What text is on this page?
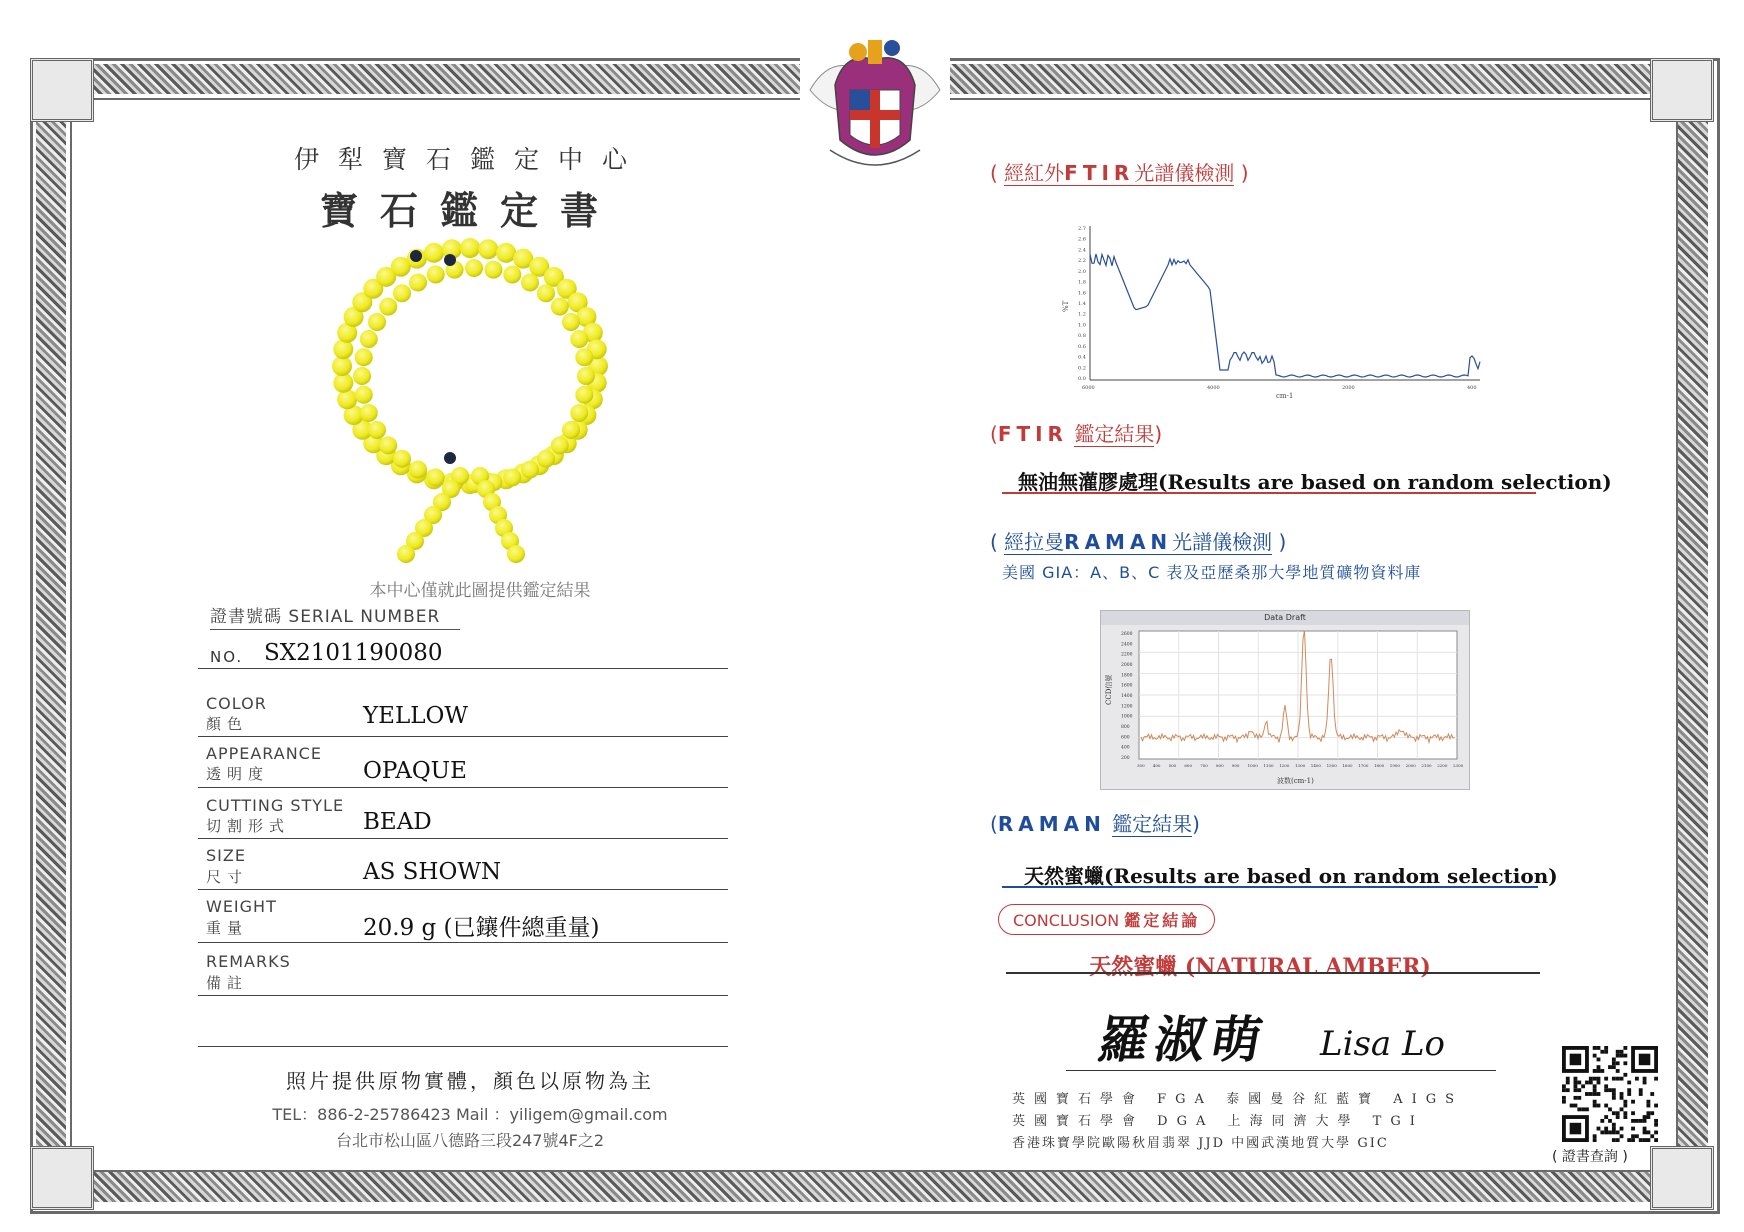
伊犁寶石鑑定中心
寶石鑑定書
本中心僅就此圖提供鑑定結果
證書號碼 SERIAL NUMBER
NO. SX2101190080
COLOR
顏色	YELLOW
APPEARANCE
透明度	OPAQUE
CUTTING STYLE
切割形式	BEAD
SIZE
尺寸	AS SHOWN
WEIGHT
重量	20.9 g (已鑲件總重量)
REMARKS
備註
照片提供原物實體，顏色以原物為主
TEL：886-2-25786423 Mail ：yiligem@gmail.com
台北市松山區八德路三段247號4F之2
( 經紅外FTIR光譜儀檢測 )
2.7
2.6
2.4
2.2
2.0
1.8
1.6
1.4
1.2
1.0
0.8
0.6
0.4
0.2
0.0
6000	4000	2000	400
%T
cm-1
(FTIR 鑑定結果)
無油無灌膠處理(Results are based on random selection)
( 經拉曼RAMAN光譜儀檢測 )
美國 GIA：A、B、C 表及亞歷桑那大學地質礦物資料庫
Data Draft
2600
2400
2200
2000
1800
1600
1400
1200
1000
800
600
400
200
300 400 500 600 700 800 900 1000 1100 1200 1300 1400 1500 1600 1700 1800 1900 2000 2100 2200 2300
CCD信號
波数(cm-1)
(RAMAN 鑑定結果)
天然蜜蠟(Results are based on random selection)
CONCLUSION 鑑定結論
天然蜜蠟 (NATURAL AMBER)
羅淑萌 Lisa Lo
英國寶石學會 FGA 泰國曼谷紅藍寶 AIGS
英國寶石學會 DGA 上海同濟大學 TGI
香港珠寶學院歐陽秋眉翡翠 JJD 中國武漢地質大學 GIC
( 證書查詢 )
